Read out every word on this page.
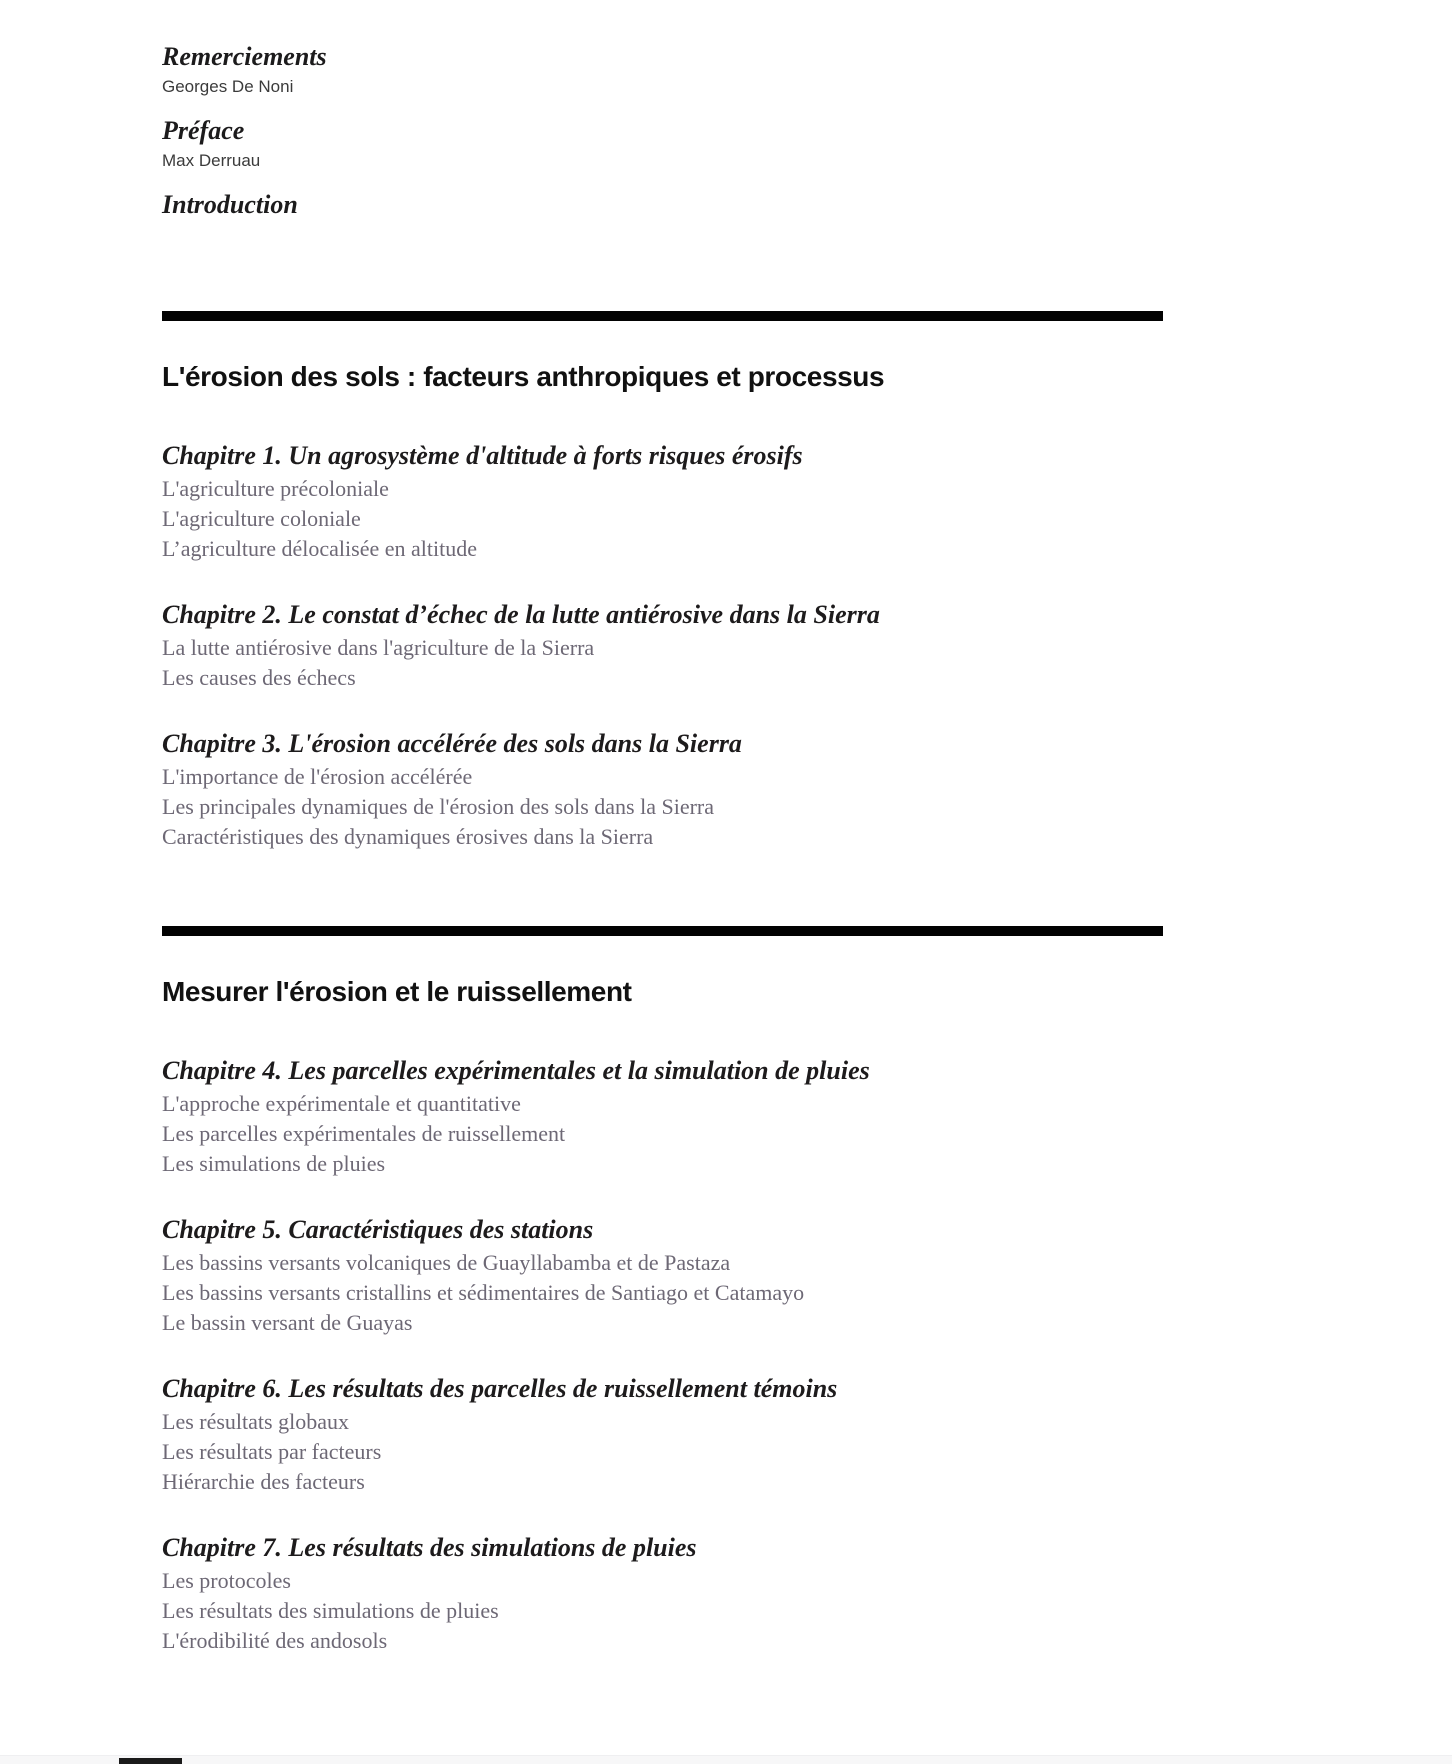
Remerciements
Georges De Noni
Préface
Max Derruau
Introduction
L'érosion des sols : facteurs anthropiques et processus
Chapitre 1. Un agrosystème d'altitude à forts risques érosifs
L'agriculture précoloniale
L'agriculture coloniale
L’agriculture délocalisée en altitude
Chapitre 2. Le constat d’échec de la lutte antiérosive dans la Sierra
La lutte antiérosive dans l'agriculture de la Sierra
Les causes des échecs
Chapitre 3. L'érosion accélérée des sols dans la Sierra
L'importance de l'érosion accélérée
Les principales dynamiques de l'érosion des sols dans la Sierra
Caractéristiques des dynamiques érosives dans la Sierra
Mesurer l'érosion et le ruissellement
Chapitre 4. Les parcelles expérimentales et la simulation de pluies
L'approche expérimentale et quantitative
Les parcelles expérimentales de ruissellement
Les simulations de pluies
Chapitre 5. Caractéristiques des stations
Les bassins versants volcaniques de Guayllabamba et de Pastaza
Les bassins versants cristallins et sédimentaires de Santiago et Catamayo
Le bassin versant de Guayas
Chapitre 6. Les résultats des parcelles de ruissellement témoins
Les résultats globaux
Les résultats par facteurs
Hiérarchie des facteurs
Chapitre 7. Les résultats des simulations de pluies
Les protocoles
Les résultats des simulations de pluies
L'érodibilité des andosols
